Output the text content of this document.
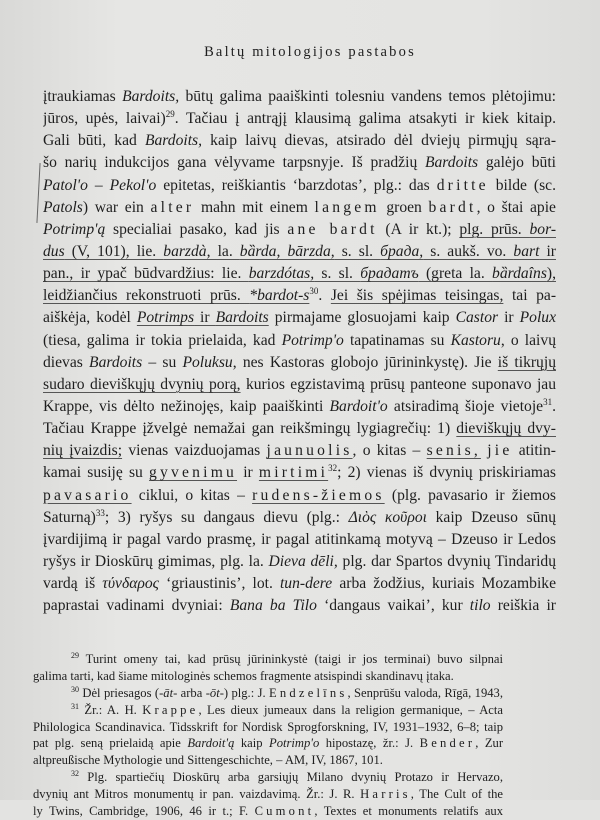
Baltų mitologijos pastabos
įtraukiamas Bardoits, būtų galima paaiškinti tolesniu vandens temos plėtojimu:
jūros, upės, laivai)$^{29}$. Tačiau į antrąjį klausimą galima atsakyti ir kiek kitaip.
Gali būti, kad Bardoits, kaip laivų dievas, atsirado dėl dviejų pirmųjų sąra-
šo narių indukcijos gana vėlyvame tarpsnyje. Iš pradžių Bardoits galėjo būti
Patol'o – Pekol'o epitetas, reiškiantis ‘barzdotas’, plg.: das dritte bilde (sc.
Patols) war ein alter mahn mit einem langem groen bardt, o štai apie
Potrimp'ą specialiai pasako, kad jis ane bardt (A ir kt.); plg. prūs. bor-
dus (V, 101), lie. barzdà, la. bȁrda, bārzda, s. sl. брада, s. aukš. vo. bart ir
pan., ir ypač būdvardžius: lie. barzdótas, s. sl. брадатъ (greta la. bȁrdaîns),
leidžiančius rekonstruoti prūs. $*bardot-s^{30}$. Jei šis spėjimas teisingas, tai pa-
aiškėja, kodėl Potrimps ir Bardoits pirmajame glosuojami kaip Castor ir Polux
(tiesa, galima ir tokia prielaida, kad Potrimp'o tapatinamas su Kastoru, o laivų
dievas Bardoits – su Poluksu, nes Kastoras globojo jūrininkystę). Jie iš tikrųjų
sudaro dieviškųjų dvynių porą, kurios egzistavimą prūsų panteone suponavo jau
Krappe, vis dėlto nežinojęs, kaip paaiškinti Bardoit'o atsiradimą šioje vietoje$^{31}$.
Tačiau Krappe įžvelgė nemažai gan reikšmingų lygiagrečių: 1) dieviškųjų dvy-
nių įvaizdis; vienas vaizduojamas jaunuolis, o kitas – senis, jie atitin-
kamai susiję su gyvenimu ir mirtimi$^{32}$; 2) vienas iš dvynių priskiriamas
pavasario ciklui, o kitas – rudens-žiemos (plg. pavasario ir žiemos
Saturną)$^{33}$; 3) ryšys su dangaus dievu (plg.: Διὸς κοῦροι kaip Dzeuso sūnų
įvardijimą ir pagal vardo prasmę, ir pagal atitinkamą motyvą – Dzeuso ir Ledos
ryšys ir Dioskūrų gimimas, plg. la. Dieva dēli, plg. dar Spartos dvynių Tindaridų
vardą iš τύνδαρος ‘griaustinis’, lot. tun-dere arba žodžius, kuriais Mozambike
paprastai vadinami dvyniai: Bana ba Tilo ‘dangaus vaikai’, kur tilo reiškia ir
$^{29}$ Turint omeny tai, kad prūsų jūrininkystė (taigi ir jos terminai) buvo silpnai
galima tarti, kad šiame mitologinės schemos fragmente atsispindi skandinavų įtaka.
$^{30}$ Dėl priesagos (-āt- arba -ōt-) plg.: J. Endzelīns, Senprūšu valoda, Rīgā, 1943,
$^{31}$ Žr.: A. H. Krappe, Les dieux jumeaux dans la religion germanique, – Acta
Philologica Scandinavica. Tidsskrift for Nordisk Sprogforskning, IV, 1931–1932, 6–8; taip
pat plg. seną prielaidą apie Bardoit'ą kaip Potrimp'o hipostazę, žr.: J. Bender, Zur
altpreußische Mythologie und Sittengeschichte, – AM, IV, 1867, 101.
$^{32}$ Plg. spartiečių Dioskūrų arba garsiųjų Milano dvynių Protazo ir Hervazo,
dvynių ant Mitros monumentų ir pan. vaizdavimą. Žr.: J. R. Harris, The Cult of the
ly Twins, Cambridge, 1906, 46 ir t.; F. Cumont, Textes et monuments relatifs aux
